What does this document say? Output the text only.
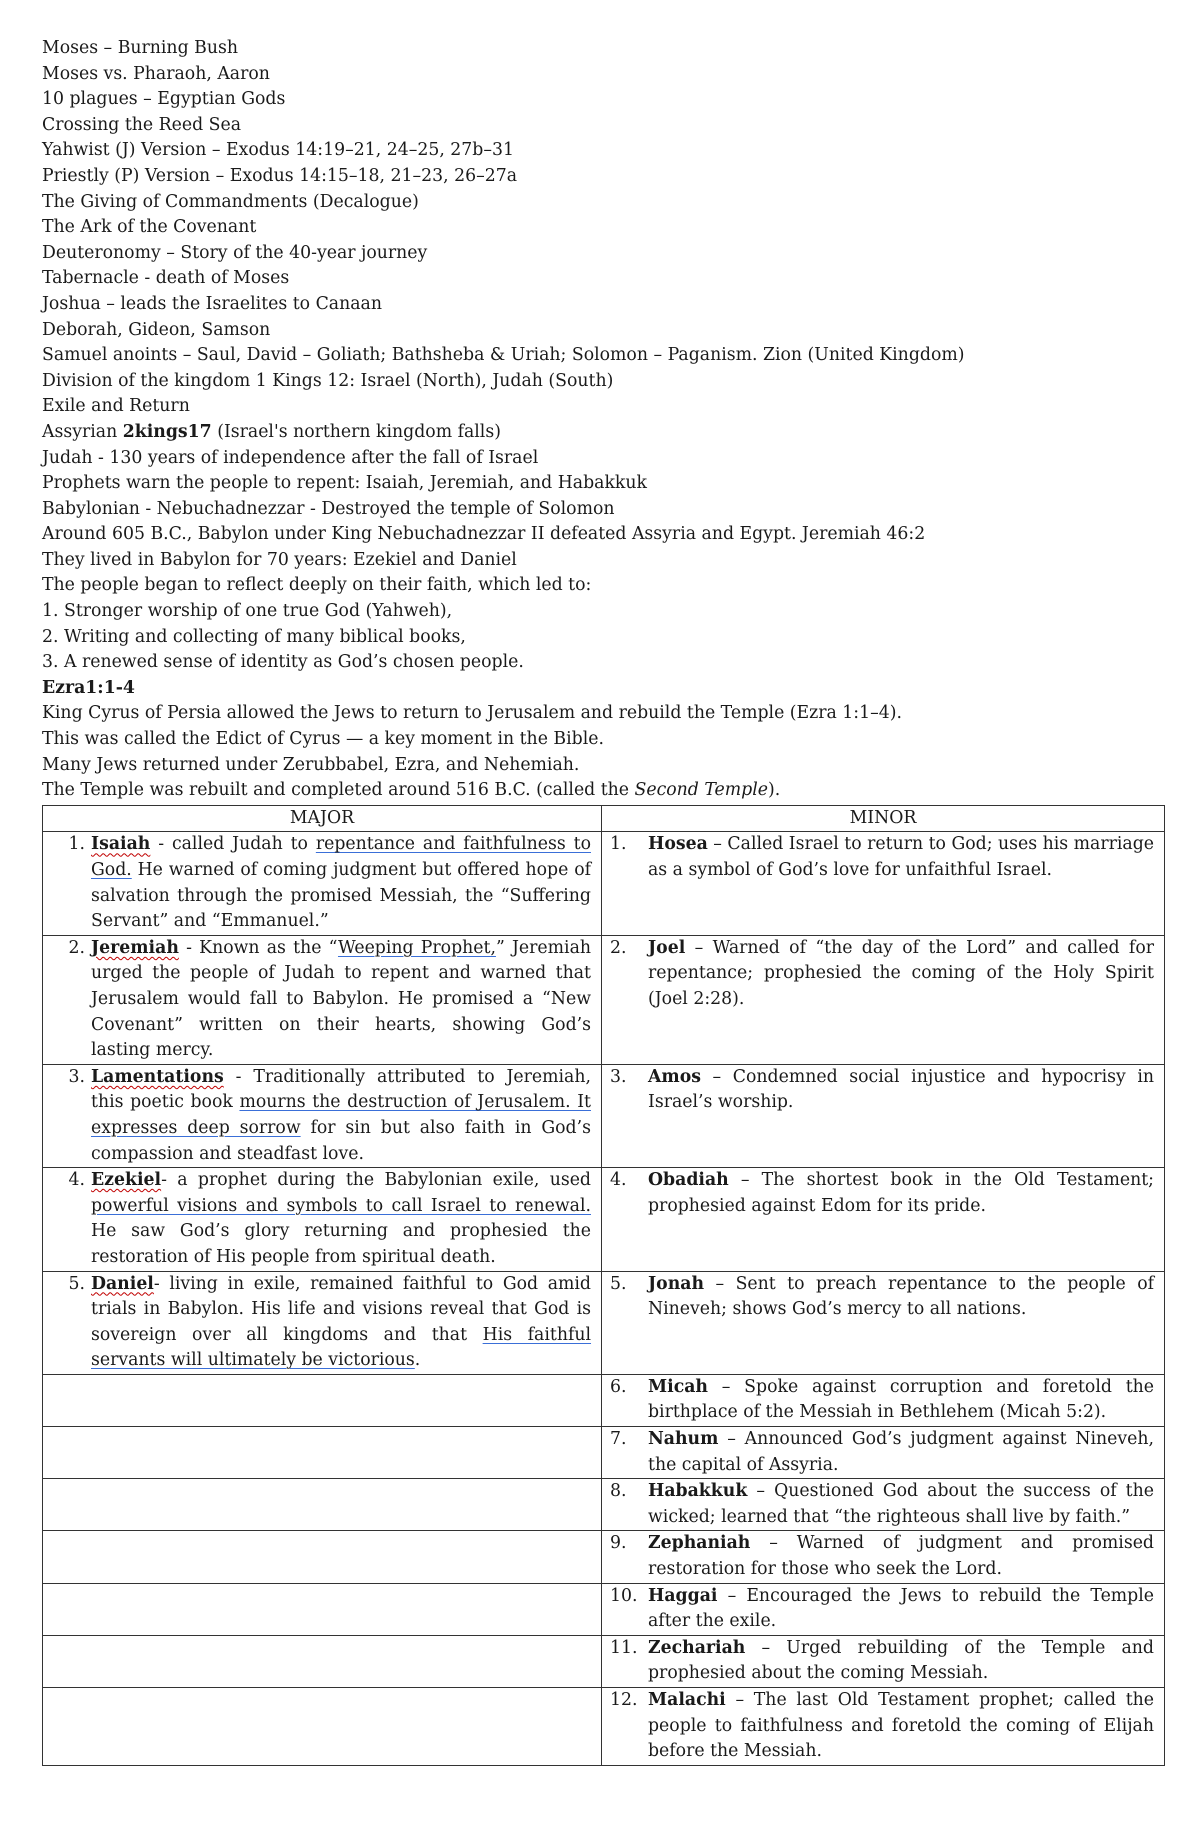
Moses – Burning Bush
Moses vs. Pharaoh, Aaron
10 plagues – Egyptian Gods
Crossing the Reed Sea
Yahwist (J) Version – Exodus 14:19–21, 24–25, 27b–31
Priestly (P) Version – Exodus 14:15–18, 21–23, 26–27a
The Giving of Commandments (Decalogue)
The Ark of the Covenant
Deuteronomy – Story of the 40-year journey
Tabernacle - death of Moses
Joshua – leads the Israelites to Canaan
Deborah, Gideon, Samson
Samuel anoints – Saul, David – Goliath; Bathsheba & Uriah; Solomon – Paganism. Zion (United Kingdom)
Division of the kingdom 1 Kings 12: Israel (North), Judah (South)
Exile and Return
Assyrian 2kings17 (Israel's northern kingdom falls)
Judah - 130 years of independence after the fall of Israel
Prophets warn the people to repent: Isaiah, Jeremiah, and Habakkuk
Babylonian - Nebuchadnezzar - Destroyed the temple of Solomon
Around 605 B.C., Babylon under King Nebuchadnezzar II defeated Assyria and Egypt. Jeremiah 46:2
They lived in Babylon for 70 years: Ezekiel and Daniel
The people began to reflect deeply on their faith, which led to:
1. Stronger worship of one true God (Yahweh),
2. Writing and collecting of many biblical books,
3. A renewed sense of identity as God’s chosen people.
Ezra1:1-4
King Cyrus of Persia allowed the Jews to return to Jerusalem and rebuild the Temple (Ezra 1:1–4).
This was called the Edict of Cyrus — a key moment in the Bible.
Many Jews returned under Zerubbabel, Ezra, and Nehemiah.
The Temple was rebuilt and completed around 516 B.C. (called the Second Temple).
MAJOR	MINOR

1. Isaiah - called Judah to repentance and faithfulness to God. He warned of coming judgment but offered hope of salvation through the promised Messiah, the “Suffering Servant” and “Emmanuel.”	1. Hosea – Called Israel to return to God; uses his marriage as a symbol of God’s love for unfaithful Israel.

2. Jeremiah - Known as the “Weeping Prophet,” Jeremiah urged the people of Judah to repent and warned that Jerusalem would fall to Babylon. He promised a “New Covenant” written on their hearts, showing God’s lasting mercy.	2. Joel – Warned of “the day of the Lord” and called for repentance; prophesied the coming of the Holy Spirit (Joel 2:28).

3. Lamentations - Traditionally attributed to Jeremiah, this poetic book mourns the destruction of Jerusalem. It expresses deep sorrow for sin but also faith in God’s compassion and steadfast love.	3. Amos – Condemned social injustice and hypocrisy in Israel’s worship.

4. Ezekiel- a prophet during the Babylonian exile, used powerful visions and symbols to call Israel to renewal. He saw God’s glory returning and prophesied the restoration of His people from spiritual death.	4. Obadiah – The shortest book in the Old Testament; prophesied against Edom for its pride.

5. Daniel- living in exile, remained faithful to God amid trials in Babylon. His life and visions reveal that God is sovereign over all kingdoms and that His faithful servants will ultimately be victorious.	5. Jonah – Sent to preach repentance to the people of Nineveh; shows God’s mercy to all nations.

	6. Micah – Spoke against corruption and foretold the birthplace of the Messiah in Bethlehem (Micah 5:2).

	7. Nahum – Announced God’s judgment against Nineveh, the capital of Assyria.

	8. Habakkuk – Questioned God about the success of the wicked; learned that “the righteous shall live by faith.”

	9. Zephaniah – Warned of judgment and promised restoration for those who seek the Lord.

	10. Haggai – Encouraged the Jews to rebuild the Temple after the exile.

	11. Zechariah – Urged rebuilding of the Temple and prophesied about the coming Messiah.

	12. Malachi – The last Old Testament prophet; called the people to faithfulness and foretold the coming of Elijah before the Messiah.
